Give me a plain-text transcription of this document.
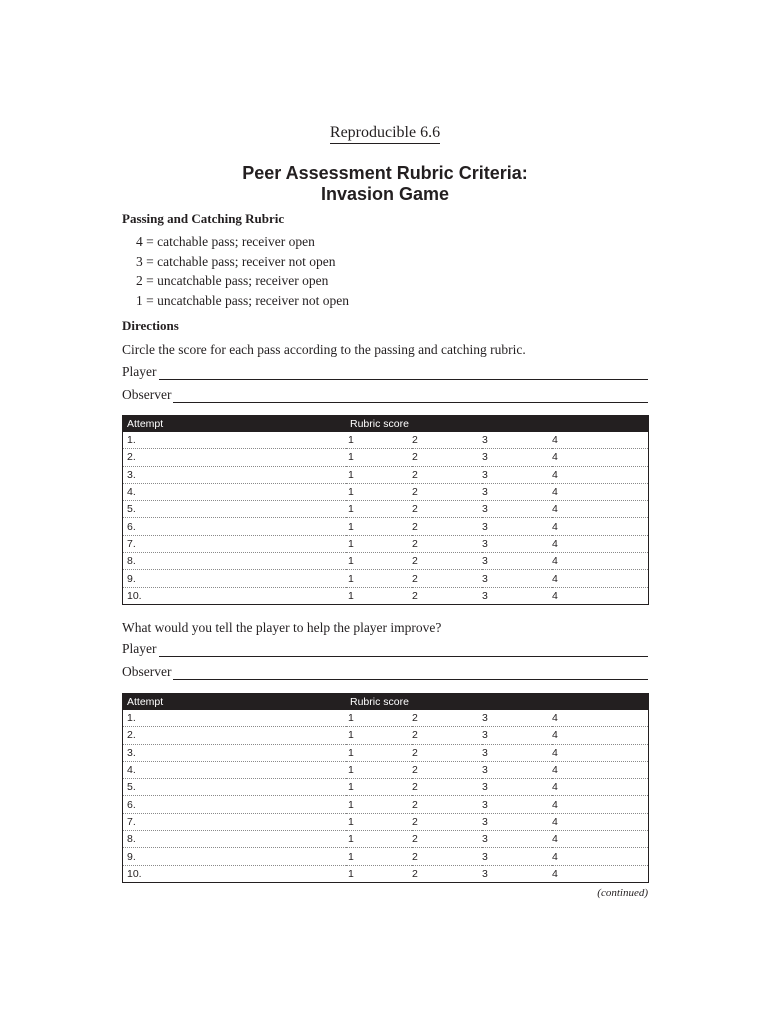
Reproducible 6.6
Peer Assessment Rubric Criteria:
Invasion Game
Passing and Catching Rubric
4 = catchable pass; receiver open
3 = catchable pass; receiver not open
2 = uncatchable pass; receiver open
1 = uncatchable pass; receiver not open
Directions
Circle the score for each pass according to the passing and catching rubric.
Player
Observer
Attempt	Rubric score			
1.	1	2	3	4
2.	1	2	3	4
3.	1	2	3	4
4.	1	2	3	4
5.	1	2	3	4
6.	1	2	3	4
7.	1	2	3	4
8.	1	2	3	4
9.	1	2	3	4
10.	1	2	3	4
What would you tell the player to help the player improve?
Player
Observer
Attempt	Rubric score			
1.	1	2	3	4
2.	1	2	3	4
3.	1	2	3	4
4.	1	2	3	4
5.	1	2	3	4
6.	1	2	3	4
7.	1	2	3	4
8.	1	2	3	4
9.	1	2	3	4
10.	1	2	3	4
(continued)
